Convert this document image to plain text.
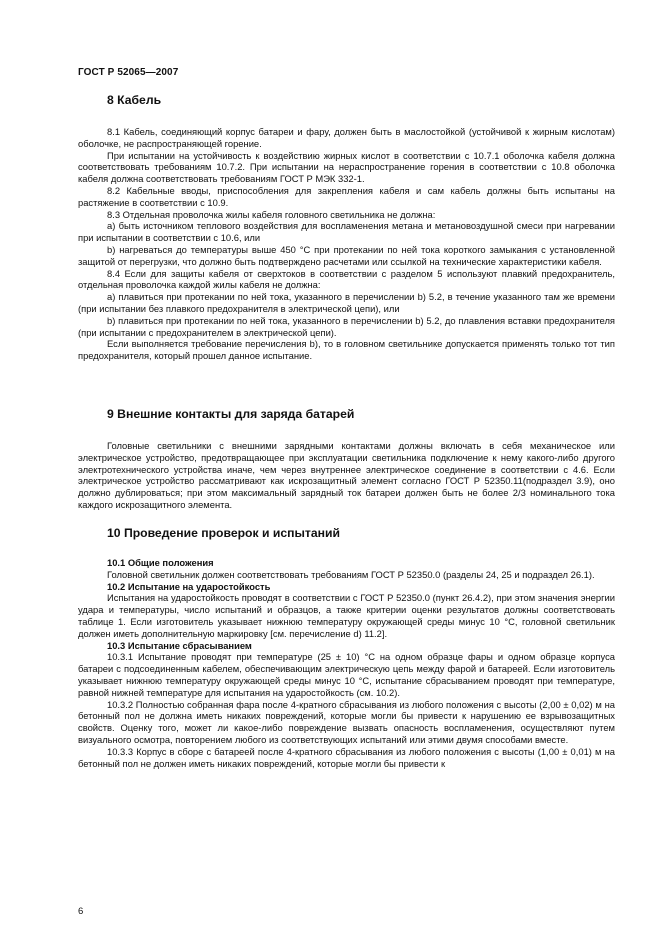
ГОСТ Р 52065—2007
8 Кабель

8.1 Кабель, соединяющий корпус батареи и фару, должен быть в маслостойкой (устойчивой к жирным кислотам) оболочке, не распространяющей горение.

При испытании на устойчивость к воздействию жирных кислот в соответствии с 10.7.1 оболочка кабеля должна соответствовать требованиям 10.7.2. При испытании на нераспространение горения в соответствии с 10.8 оболочка кабеля должна соответствовать требованиям ГОСТ Р МЭК 332-1.

8.2 Кабельные вводы, приспособления для закрепления кабеля и сам кабель должны быть испытаны на растяжение в соответствии с 10.9.

8.3 Отдельная проволочка жилы кабеля головного светильника не должна:

a) быть источником теплового воздействия для воспламенения метана и метановоздушной смеси при нагревании при испытании в соответствии с 10.6, или

b) нагреваться до температуры выше 450 °С при протекании по ней тока короткого замыкания с установленной защитой от перегрузки, что должно быть подтверждено расчетами или ссылкой на технические характеристики кабеля.

8.4 Если для защиты кабеля от сверхтоков в соответствии с разделом 5 используют плавкий предохранитель, отдельная проволочка каждой жилы кабеля не должна:

a) плавиться при протекании по ней тока, указанного в перечислении b) 5.2, в течение указанного там же времени (при испытании без плавкого предохранителя в электрической цепи), или

b) плавиться при протекании по ней тока, указанного в перечислении b) 5.2, до плавления вставки предохранителя (при испытании с предохранителем в электрической цепи).

Если выполняется требование перечисления b), то в головном светильнике допускается применять только тот тип предохранителя, который прошел данное испытание.

9 Внешние контакты для заряда батарей

Головные светильники с внешними зарядными контактами должны включать в себя механическое или электрическое устройство, предотвращающее при эксплуатации светильника подключение к нему какого-либо другого электротехнического устройства иначе, чем через внутреннее электрическое соединение в соответствии с 4.6. Если электрическое устройство рассматривают как искрозащитный элемент согласно ГОСТ Р 52350.11(подраздел 3.9), оно должно дублироваться; при этом максимальный зарядный ток батареи должен быть не более 2/3 номинального тока каждого искрозащитного элемента.

10 Проведение проверок и испытаний

10.1 Общие положения

Головной светильник должен соответствовать требованиям ГОСТ Р 52350.0 (разделы 24, 25 и подраздел 26.1).

10.2 Испытание на ударостойкость

Испытания на ударостойкость проводят в соответствии с ГОСТ Р 52350.0 (пункт 26.4.2), при этом значения энергии удара и температуры, число испытаний и образцов, а также критерии оценки результатов должны соответствовать таблице 1. Если изготовитель указывает нижнюю температуру окружающей среды минус 10 °С, головной светильник должен иметь дополнительную маркировку [см. перечисление d) 11.2].

10.3 Испытание сбрасыванием

10.3.1 Испытание проводят при температуре (25 ± 10) °С на одном образце фары и одном образце корпуса батареи с подсоединенным кабелем, обеспечивающим электрическую цепь между фарой и батареей. Если изготовитель указывает нижнюю температуру окружающей среды минус 10 °С, испытание сбрасыванием проводят при температуре, равной нижней температуре для испытания на ударостойкость (см. 10.2).

10.3.2 Полностью собранная фара после 4-кратного сбрасывания из любого положения с высоты (2,00 ± 0,02) м на бетонный пол не должна иметь никаких повреждений, которые могли бы привести к нарушению ее взрывозащитных свойств. Оценку того, может ли какое-либо повреждение вызвать опасность воспламенения, осуществляют путем визуального осмотра, повторением любого из соответствующих испытаний или этими двумя способами вместе.

10.3.3 Корпус в сборе с батареей после 4-кратного сбрасывания из любого положения с высоты (1,00 ± 0,01) м на бетонный пол не должен иметь никаких повреждений, которые могли бы привести к

6
